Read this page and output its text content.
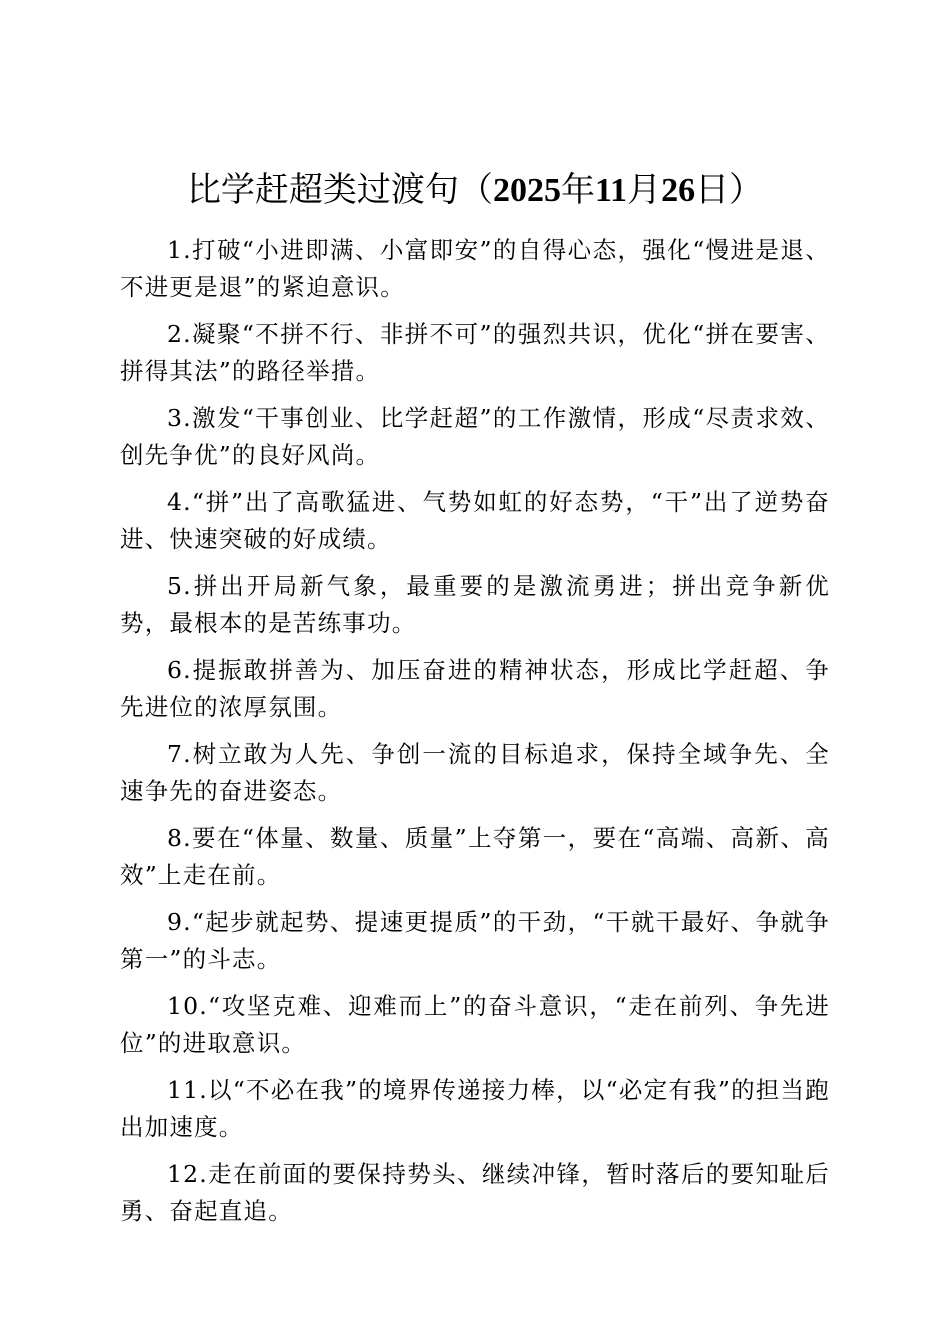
比学赶超类过渡句（2025年11月26日）

1.打破“小进即满、小富即安”的自得心态，强化“慢进是退、不进更是退”的紧迫意识。

2.凝聚“不拼不行、非拼不可”的强烈共识，优化“拼在要害、拼得其法”的路径举措。

3.激发“干事创业、比学赶超”的工作激情，形成“尽责求效、创先争优”的良好风尚。

4.“拼”出了高歌猛进、气势如虹的好态势，“干”出了逆势奋进、快速突破的好成绩。

5.拼出开局新气象，最重要的是激流勇进；拼出竞争新优势，最根本的是苦练事功。

6.提振敢拼善为、加压奋进的精神状态，形成比学赶超、争先进位的浓厚氛围。

7.树立敢为人先、争创一流的目标追求，保持全域争先、全速争先的奋进姿态。

8.要在“体量、数量、质量”上夺第一，要在“高端、高新、高效”上走在前。

9.“起步就起势、提速更提质”的干劲，“干就干最好、争就争第一”的斗志。

10.“攻坚克难、迎难而上”的奋斗意识，“走在前列、争先进位”的进取意识。

11.以“不必在我”的境界传递接力棒，以“必定有我”的担当跑出加速度。

12.走在前面的要保持势头、继续冲锋，暂时落后的要知耻后勇、奋起直追。
